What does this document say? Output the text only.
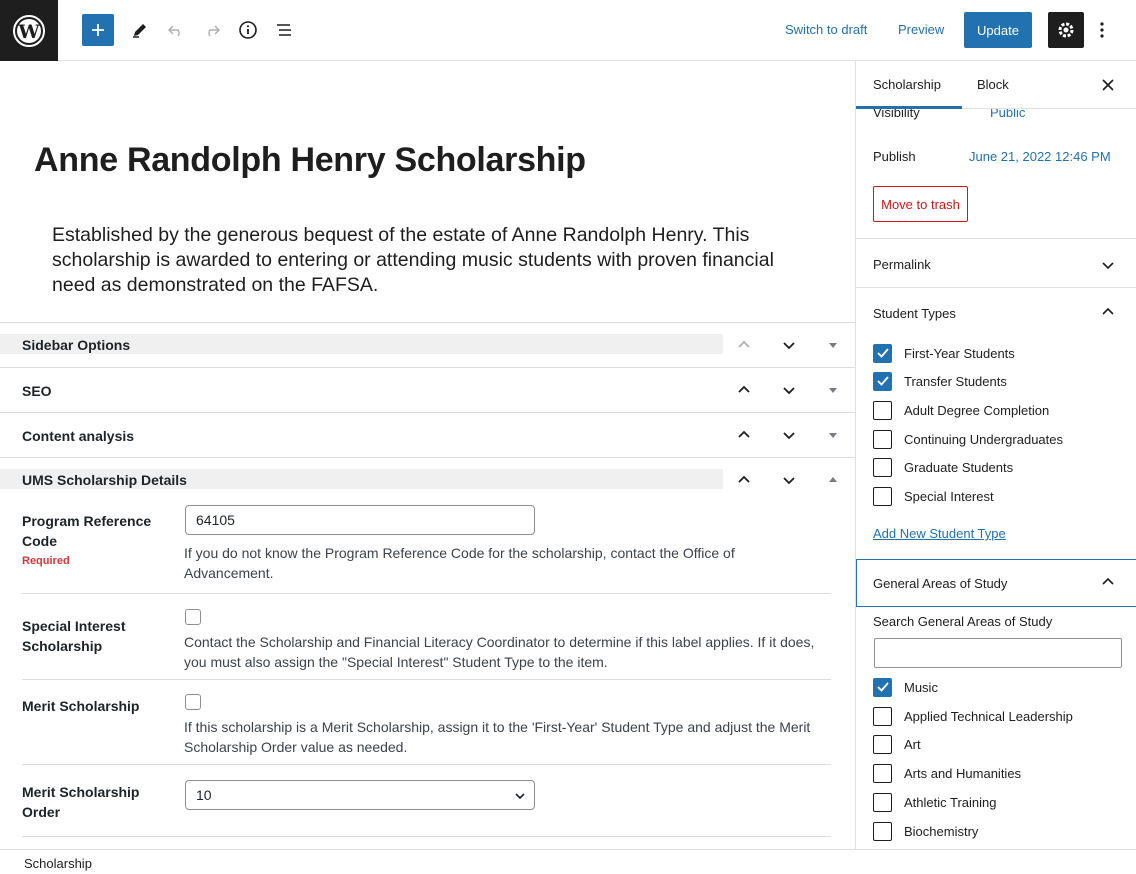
W	Switch to draft Preview	Update
Anne Randolph Henry Scholarship
Established by the generous bequest of the estate of Anne Randolph Henry. This scholarship is awarded to entering or attending music students with proven financial need as demonstrated on the FAFSA.
Sidebar Options
SEO
Content analysis
UMS Scholarship Details
Program Reference Code
Required
64105
If you do not know the Program Reference Code for the scholarship, contact the Office of Advancement.
Special Interest Scholarship	Contact the Scholarship and Financial Literacy Coordinator to determine if this label applies. If it does, you must also assign the "Special Interest" Student Type to the item.
Merit Scholarship
If this scholarship is a Merit Scholarship, assign it to the 'First-Year' Student Type and adjust the Merit Scholarship Order value as needed.
Merit Scholarship Order
10
Scholarship	Block
Visibility	Public
Publish	June 21, 2022 12:46 PM
Move to trash
Permalink
Student Types
First-Year Students
Transfer Students
Adult Degree Completion
Continuing Undergraduates
Graduate Students
Special Interest
Add New Student Type
General Areas of Study
Search General Areas of Study
Music
Applied Technical Leadership
Art
Arts and Humanities
Athletic Training
Biochemistry
Scholarship
